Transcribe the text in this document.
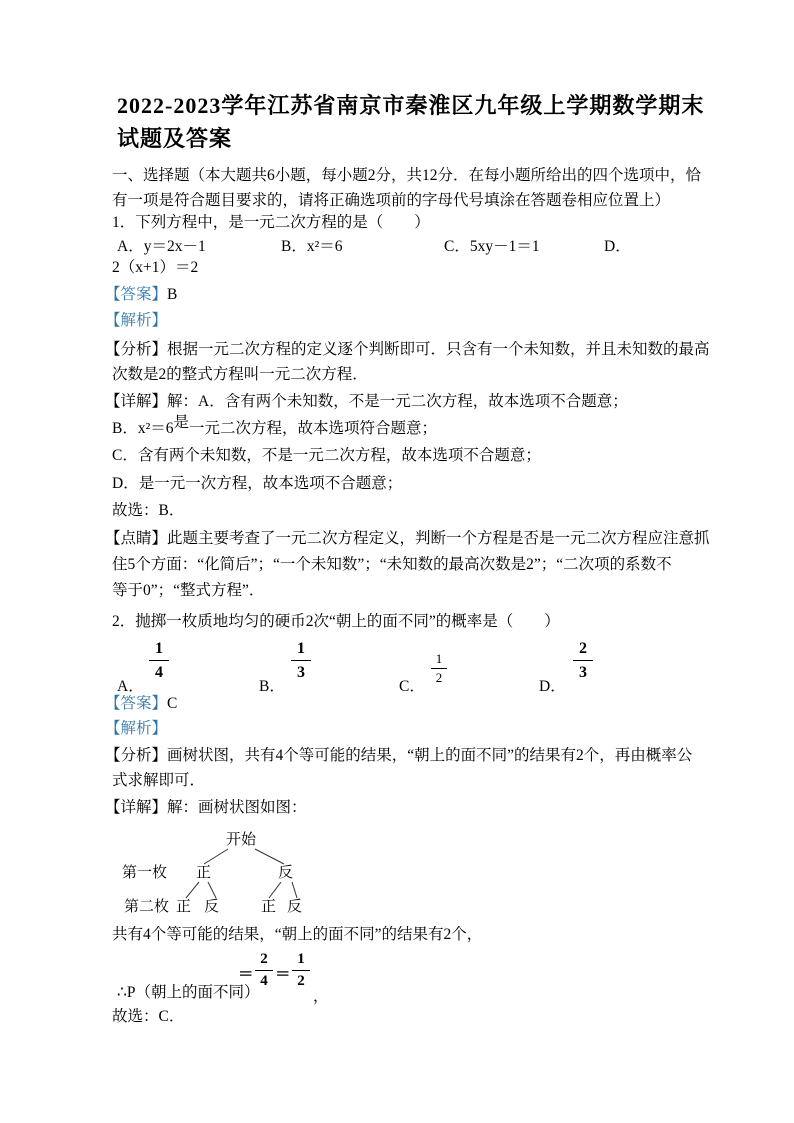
2022-2023学年江苏省南京市秦淮区九年级上学期数学期末
试题及答案
一、选择题（本大题共6小题，每小题2分，共12分．在每小题所给出的四个选项中，恰
有一项是符合题目要求的，请将正确选项前的字母代号填涂在答题卷相应位置上）
1．下列方程中，是一元二次方程的是（　　）
A．y＝2x－1	B．x²＝6	C．5xy－1＝1	D．
2（x+1）＝2
【答案】B
【解析】
【分析】根据一元二次方程的定义逐个判断即可．只含有一个未知数，并且未知数的最高
次数是2的整式方程叫一元二次方程．
【详解】解：A．含有两个未知数，不是一元二次方程，故本选项不合题意；
B．x²＝6是一元二次方程，故本选项符合题意；
C．含有两个未知数，不是一元二次方程，故本选项不合题意；
D．是一元一次方程，故本选项不合题意；
故选：B．
【点睛】此题主要考查了一元二次方程定义，判断一个方程是否是一元二次方程应注意抓
住5个方面：“化简后”；“一个未知数”；“未知数的最高次数是2”；“二次项的系数不
等于0”；“整式方程”．
2．抛掷一枚质地均匀的硬币2次“朝上的面不同”的概率是（　　）
A．
$\frac{1}{4}$
B．
$\frac{1}{3}$
C．
$\frac{1}{2}$
D．
$\frac{2}{3}$
【答案】C
【解析】
【分析】画树状图，共有4个等可能的结果，“朝上的面不同”的结果有2个，再由概率公
式求解即可．
【详解】解：画树状图如图：
开始
第一枚 正	反
第二枚 正 反	正 反
共有4个等可能的结果，“朝上的面不同”的结果有2个，
∴P（朝上的面不同）
＝ $\frac{2}{4} = \frac{1}{2}$
，
故选：C．
